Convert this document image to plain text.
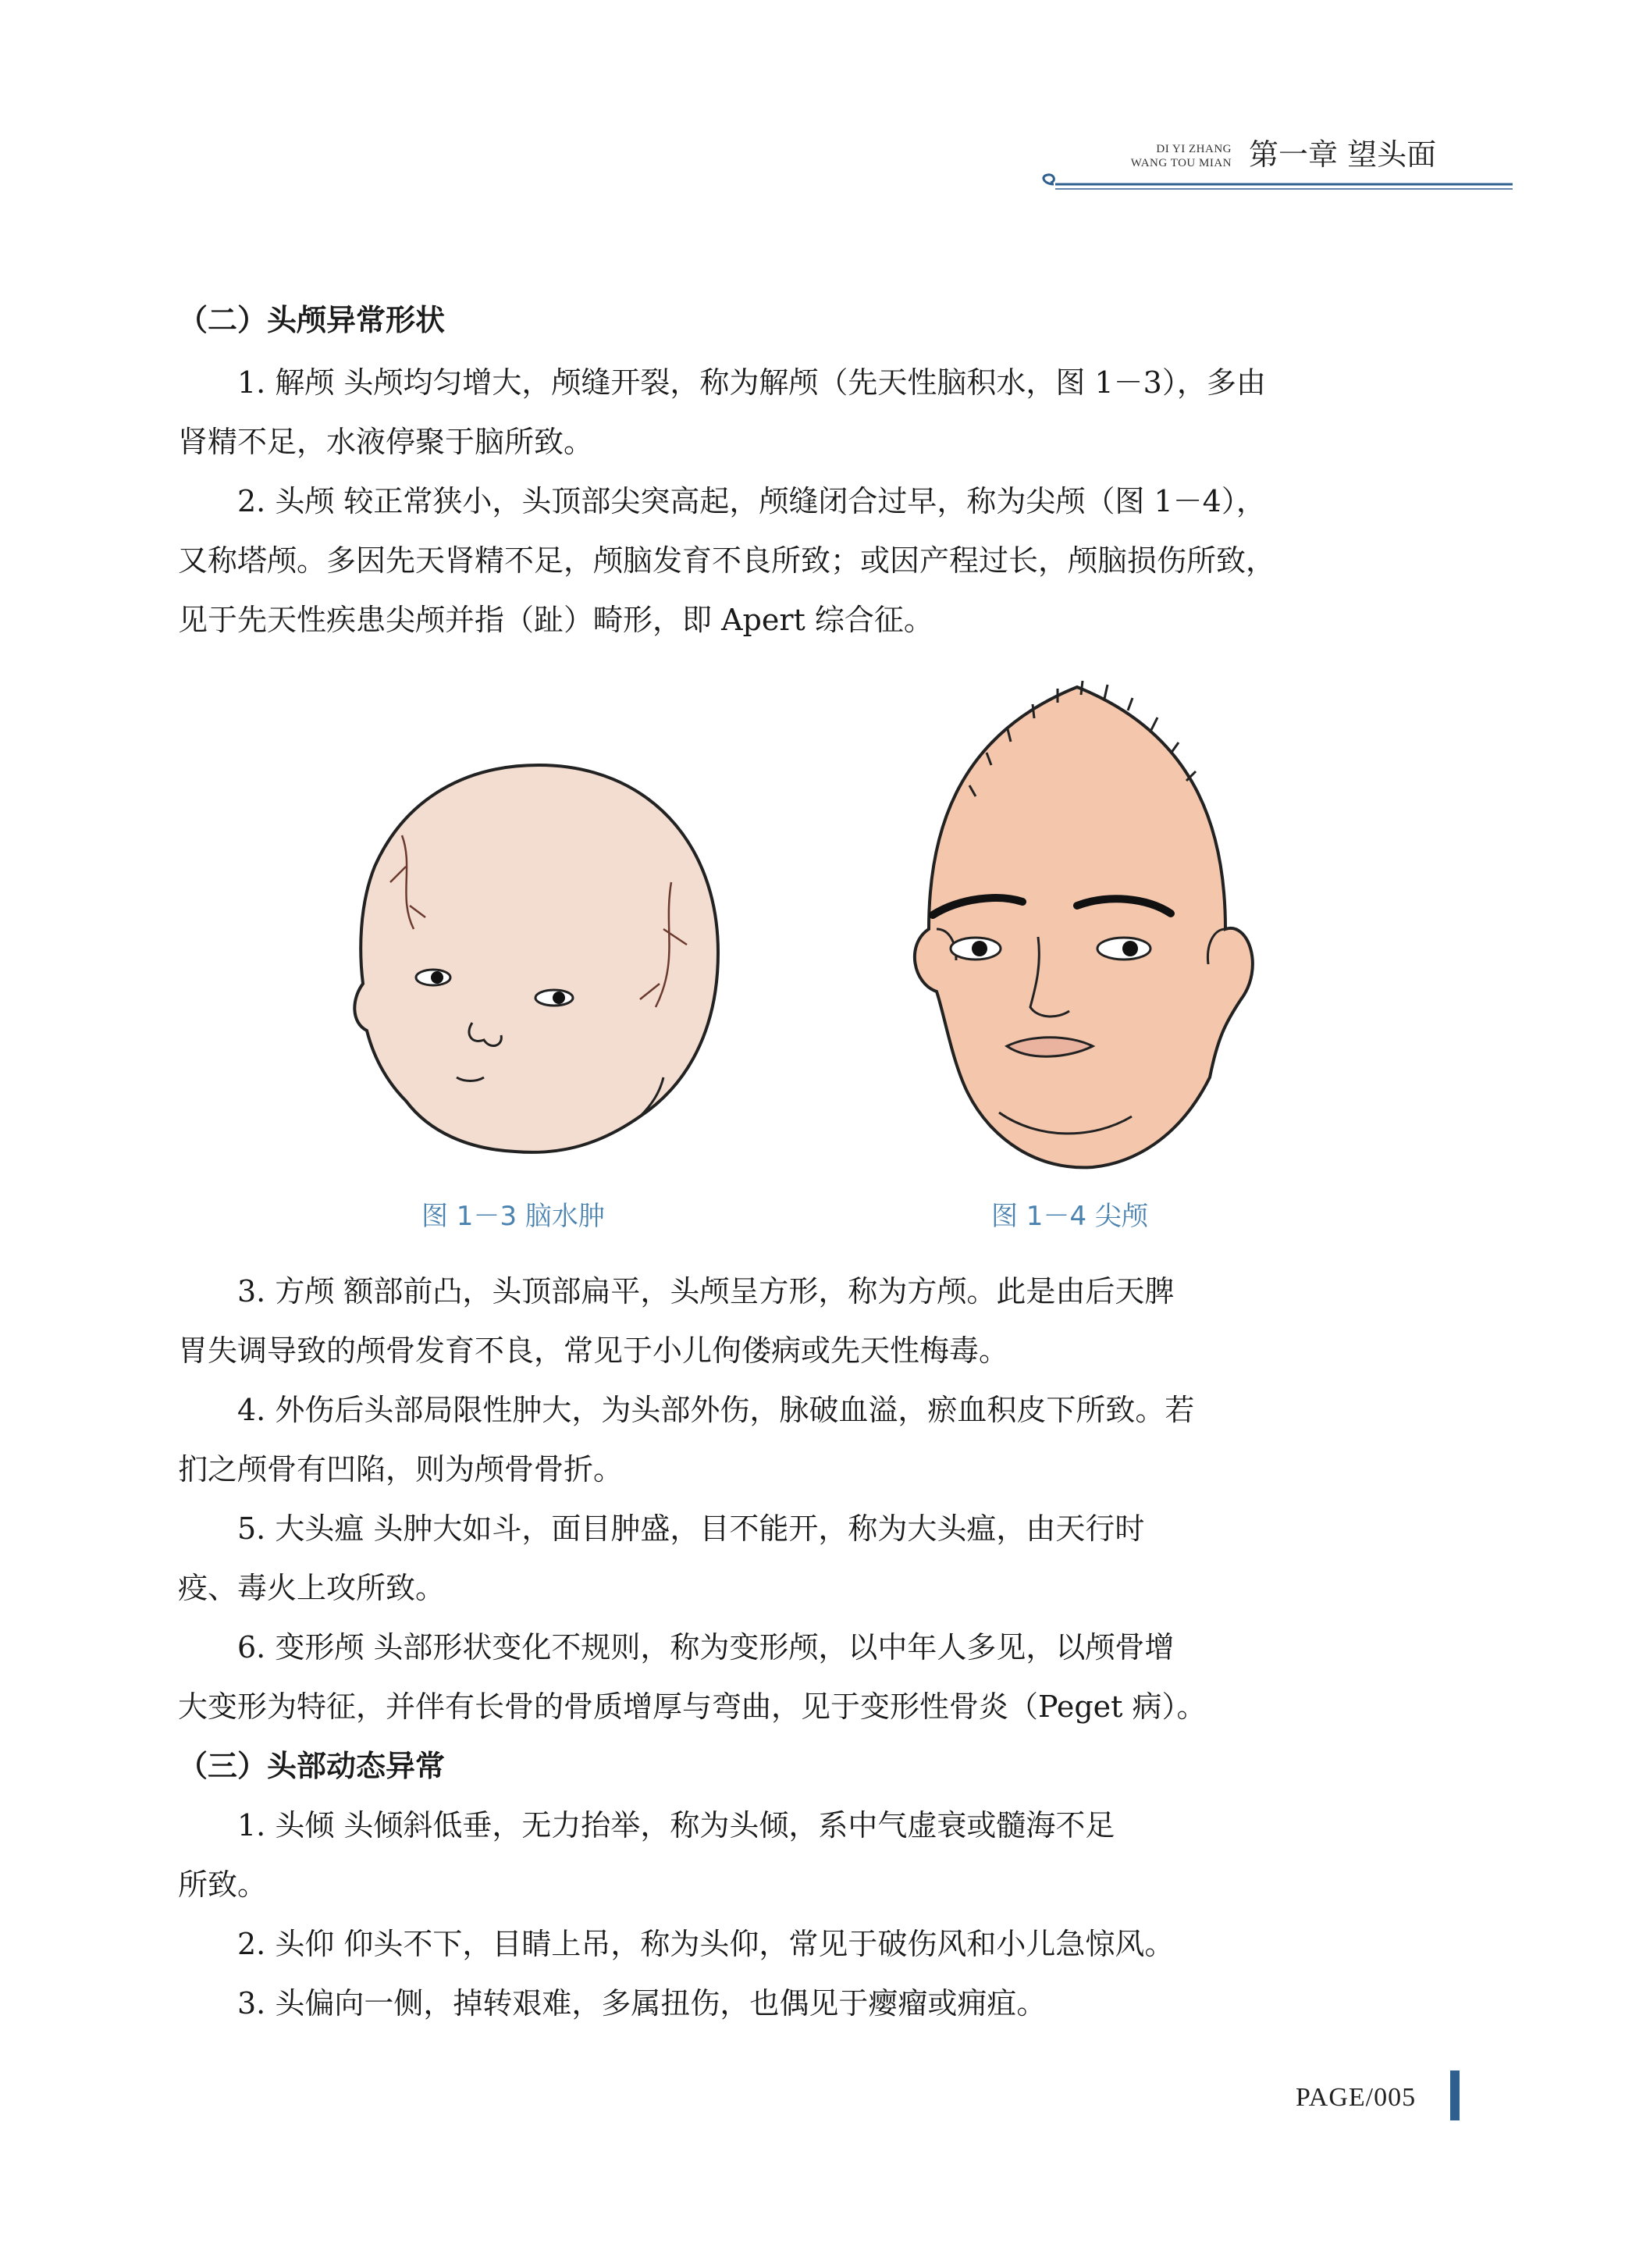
DI YI ZHANG
WANG TOU MIAN 第一章 望头面
（二）头颅异常形状
1. 解颅 头颅均匀增大，颅缝开裂，称为解颅（先天性脑积水，图 1－3），多由
肾精不足，水液停聚于脑所致。
2. 头颅 较正常狭小，头顶部尖突高起，颅缝闭合过早，称为尖颅（图 1－4），
又称塔颅。多因先天肾精不足，颅脑发育不良所致；或因产程过长，颅脑损伤所致，
见于先天性疾患尖颅并指（趾）畸形，即 Apert 综合征。
图 1－3 脑水肿	图 1－4 尖颅
3. 方颅 额部前凸，头顶部扁平，头颅呈方形，称为方颅。此是由后天脾
胃失调导致的颅骨发育不良，常见于小儿佝偻病或先天性梅毒。
4. 外伤后头部局限性肿大，为头部外伤，脉破血溢，瘀血积皮下所致。若
扪之颅骨有凹陷，则为颅骨骨折。
5. 大头瘟 头肿大如斗，面目肿盛，目不能开，称为大头瘟，由天行时
疫、毒火上攻所致。
6. 变形颅 头部形状变化不规则，称为变形颅，以中年人多见，以颅骨增
大变形为特征，并伴有长骨的骨质增厚与弯曲，见于变形性骨炎（Peget 病）。
（三）头部动态异常
1. 头倾 头倾斜低垂，无力抬举，称为头倾，系中气虚衰或髓海不足
所致。
2. 头仰 仰头不下，目睛上吊，称为头仰，常见于破伤风和小儿急惊风。
3. 头偏向一侧，掉转艰难，多属扭伤，也偶见于瘿瘤或痈疽。
PAGE/005
